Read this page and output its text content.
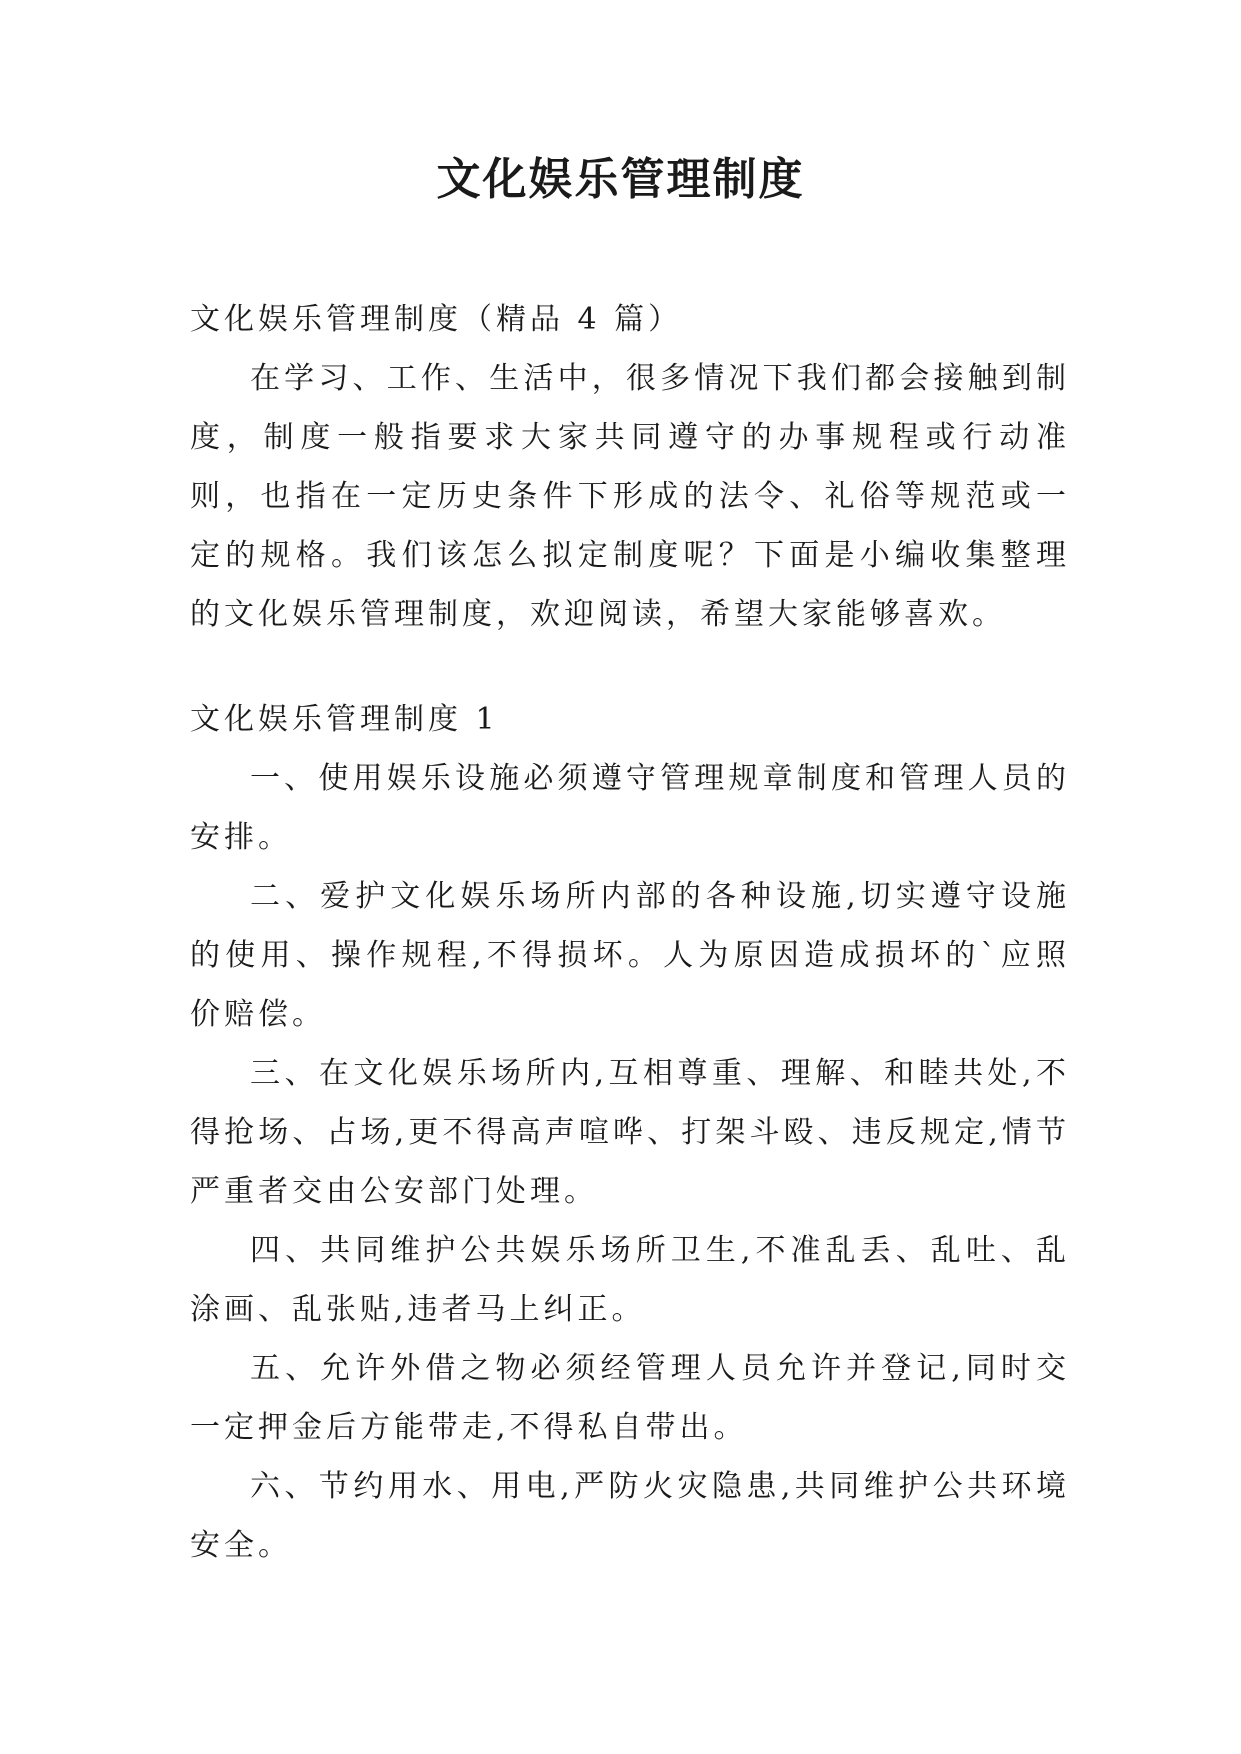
文化娱乐管理制度

文化娱乐管理制度（精品 4 篇）

在学习、工作、生活中，很多情况下我们都会接触到制度，制度一般指要求大家共同遵守的办事规程或行动准则，也指在一定历史条件下形成的法令、礼俗等规范或一定的规格。我们该怎么拟定制度呢？下面是小编收集整理的文化娱乐管理制度，欢迎阅读，希望大家能够喜欢。

文化娱乐管理制度 1

一、使用娱乐设施必须遵守管理规章制度和管理人员的安排。

二、爱护文化娱乐场所内部的各种设施,切实遵守设施的使用、操作规程,不得损坏。人为原因造成损坏的`应照价赔偿。

三、在文化娱乐场所内,互相尊重、理解、和睦共处,不得抢场、占场,更不得高声喧哗、打架斗殴、违反规定,情节严重者交由公安部门处理。

四、共同维护公共娱乐场所卫生,不准乱丢、乱吐、乱涂画、乱张贴,违者马上纠正。

五、允许外借之物必须经管理人员允许并登记,同时交一定押金后方能带走,不得私自带出。

六、节约用水、用电,严防火灾隐患,共同维护公共环境安全。
